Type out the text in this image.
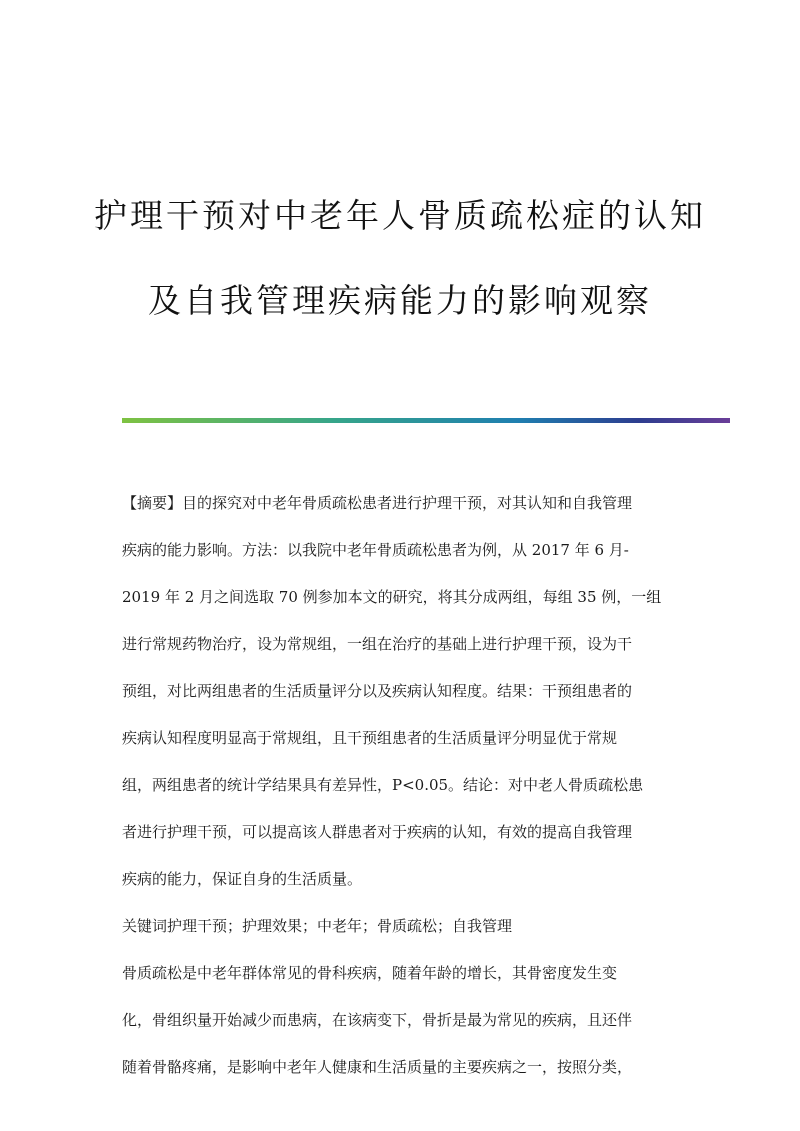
护理干预对中老年人骨质疏松症的认知
及自我管理疾病能力的影响观察
【摘要】目的探究对中老年骨质疏松患者进行护理干预，对其认知和自我管理
疾病的能力影响。方法：以我院中老年骨质疏松患者为例，从 2017 年 6 月-
2019 年 2 月之间选取 70 例参加本文的研究，将其分成两组，每组 35 例，一组
进行常规药物治疗，设为常规组，一组在治疗的基础上进行护理干预，设为干
预组，对比两组患者的生活质量评分以及疾病认知程度。结果：干预组患者的
疾病认知程度明显高于常规组，且干预组患者的生活质量评分明显优于常规
组，两组患者的统计学结果具有差异性，P<0.05。结论：对中老人骨质疏松患
者进行护理干预，可以提高该人群患者对于疾病的认知，有效的提高自我管理
疾病的能力，保证自身的生活质量。
关键词护理干预；护理效果；中老年；骨质疏松；自我管理
骨质疏松是中老年群体常见的骨科疾病，随着年龄的增长，其骨密度发生变
化，骨组织量开始减少而患病，在该病变下，骨折是最为常见的疾病，且还伴
随着骨骼疼痛，是影响中老年人健康和生活质量的主要疾病之一，按照分类，
